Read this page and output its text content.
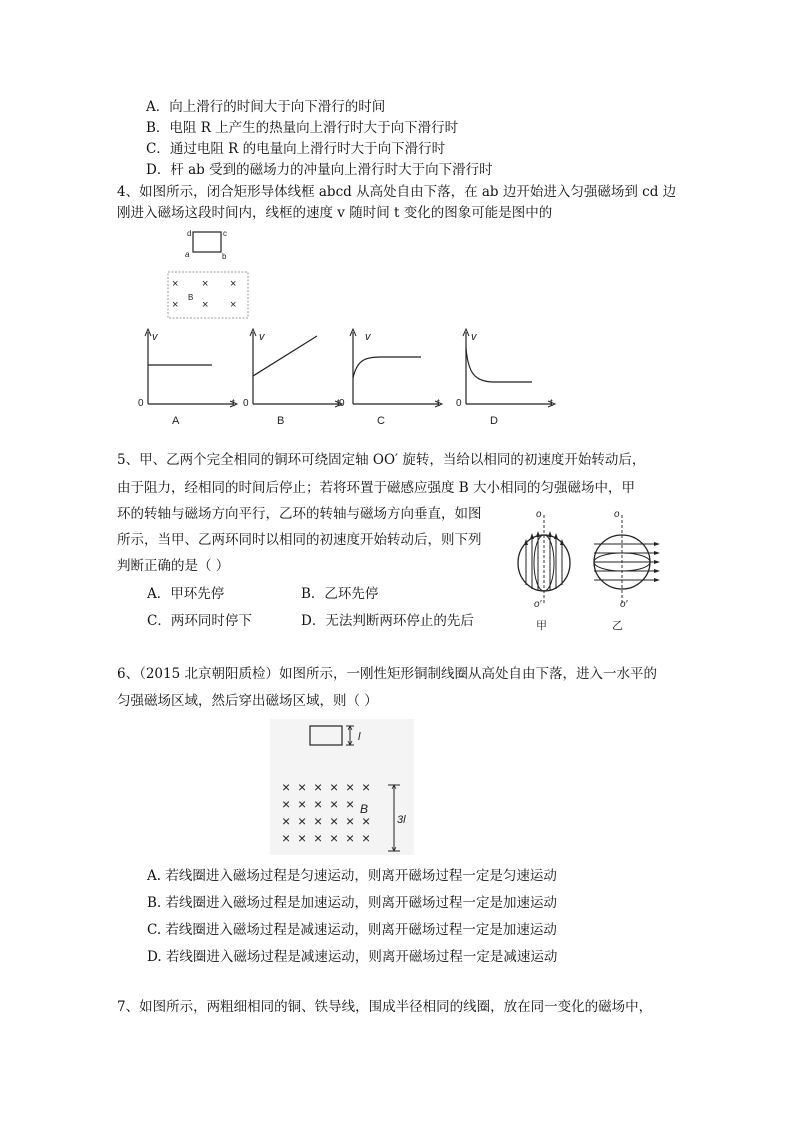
A．向上滑行的时间大于向下滑行的时间
B．电阻 R 上产生的热量向上滑行时大于向下滑行时
C．通过电阻 R 的电量向上滑行时大于向下滑行时
D．杆 ab 受到的磁场力的冲量向上滑行时大于向下滑行时
4、如图所示，闭合矩形导体线框 abcd 从高处自由下落，在 ab 边开始进入匀强磁场到 cd 边
刚进入磁场这段时间内，线框的速度 v 随时间 t 变化的图象可能是图中的
d	c
a	b
× × ×
B
× × ×
v
0	t
A
v
0	t
B
v
0	t
C
v
0	t
D
5、甲、乙两个完全相同的铜环可绕固定轴 OO′ 旋转，当给以相同的初速度开始转动后，
由于阻力，经相同的时间后停止；若将环置于磁感应强度 B 大小相同的匀强磁场中，甲
环的转轴与磁场方向平行，乙环的转轴与磁场方向垂直，如图
所示，当甲、乙两环同时以相同的初速度开始转动后，则下列
判断正确的是（ ）
A．甲环先停	B．乙环先停
C．两环同时停下	D．无法判断两环停止的先后
o
o′
甲
o
o′
乙
6、（2015 北京朝阳质检）如图所示，一刚性矩形铜制线圈从高处自由下落，进入一水平的
匀强磁场区域，然后穿出磁场区域，则（ ）
l
× × × × × ×
× × × × ×
× × × × × ×
× × × × × ×
B
3l
A. 若线圈进入磁场过程是匀速运动，则离开磁场过程一定是匀速运动
B. 若线圈进入磁场过程是加速运动，则离开磁场过程一定是加速运动
C. 若线圈进入磁场过程是减速运动，则离开磁场过程一定是加速运动
D. 若线圈进入磁场过程是减速运动，则离开磁场过程一定是减速运动
7、如图所示，两粗细相同的铜、铁导线，围成半径相同的线圈，放在同一变化的磁场中，
